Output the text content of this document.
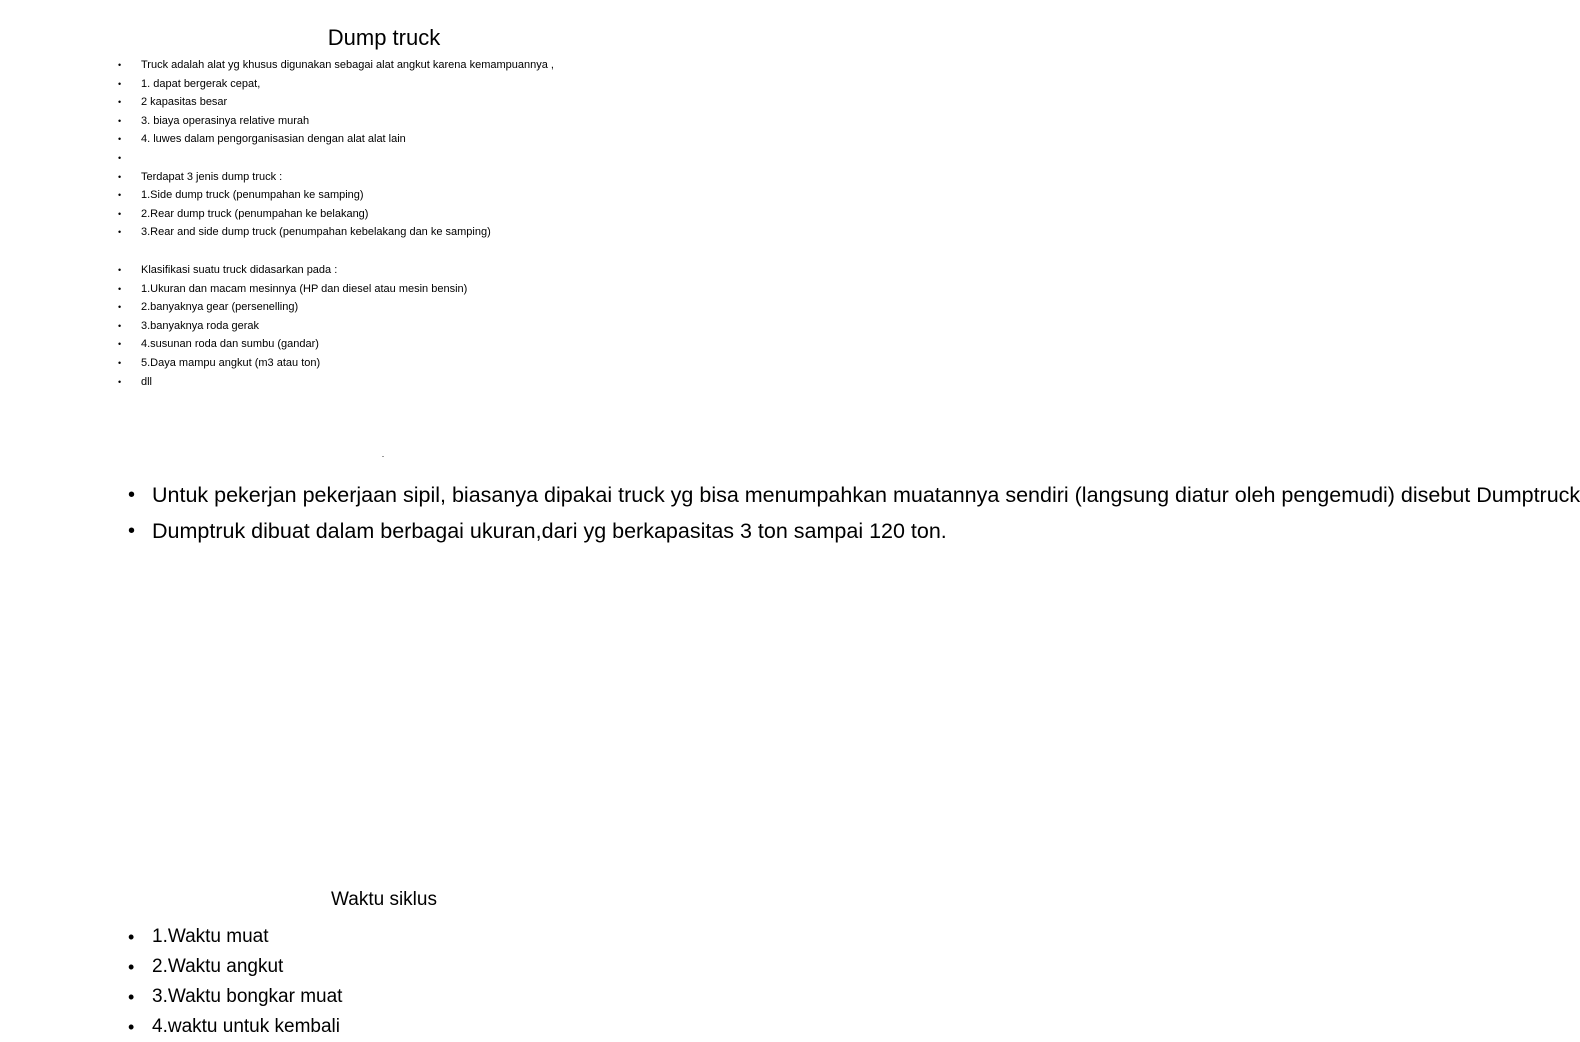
Dump truck
• Truck adalah alat yg khusus digunakan sebagai alat angkut karena kemampuannya ,
• 1. dapat bergerak cepat,
• 2 kapasitas besar
• 3. biaya operasinya relative murah
• 4. luwes dalam pengorganisasian dengan alat alat lain
•
• Terdapat 3 jenis dump truck :
• 1.Side dump truck (penumpahan ke samping)
• 2.Rear dump truck (penumpahan ke belakang)
• 3.Rear and side dump truck (penumpahan kebelakang dan ke samping)
• Klasifikasi suatu truck didasarkan pada :
• 1.Ukuran dan macam mesinnya (HP dan diesel atau mesin bensin)
• 2.banyaknya gear (persenelling)
• 3.banyaknya roda gerak
• 4.susunan roda dan sumbu (gandar)
• 5.Daya mampu angkut (m3 atau ton)
• dll
• Untuk pekerjan pekerjaan sipil, biasanya dipakai truck yg bisa menumpahkan muatannya sendiri (langsung diatur oleh pengemudi) disebut Dumptruck
• Dumptruk dibuat dalam berbagai ukuran,dari yg berkapasitas 3 ton sampai 120 ton.
Waktu siklus
• 1.Waktu muat
• 2.Waktu angkut
• 3.Waktu bongkar muat
• 4.waktu untuk kembali
